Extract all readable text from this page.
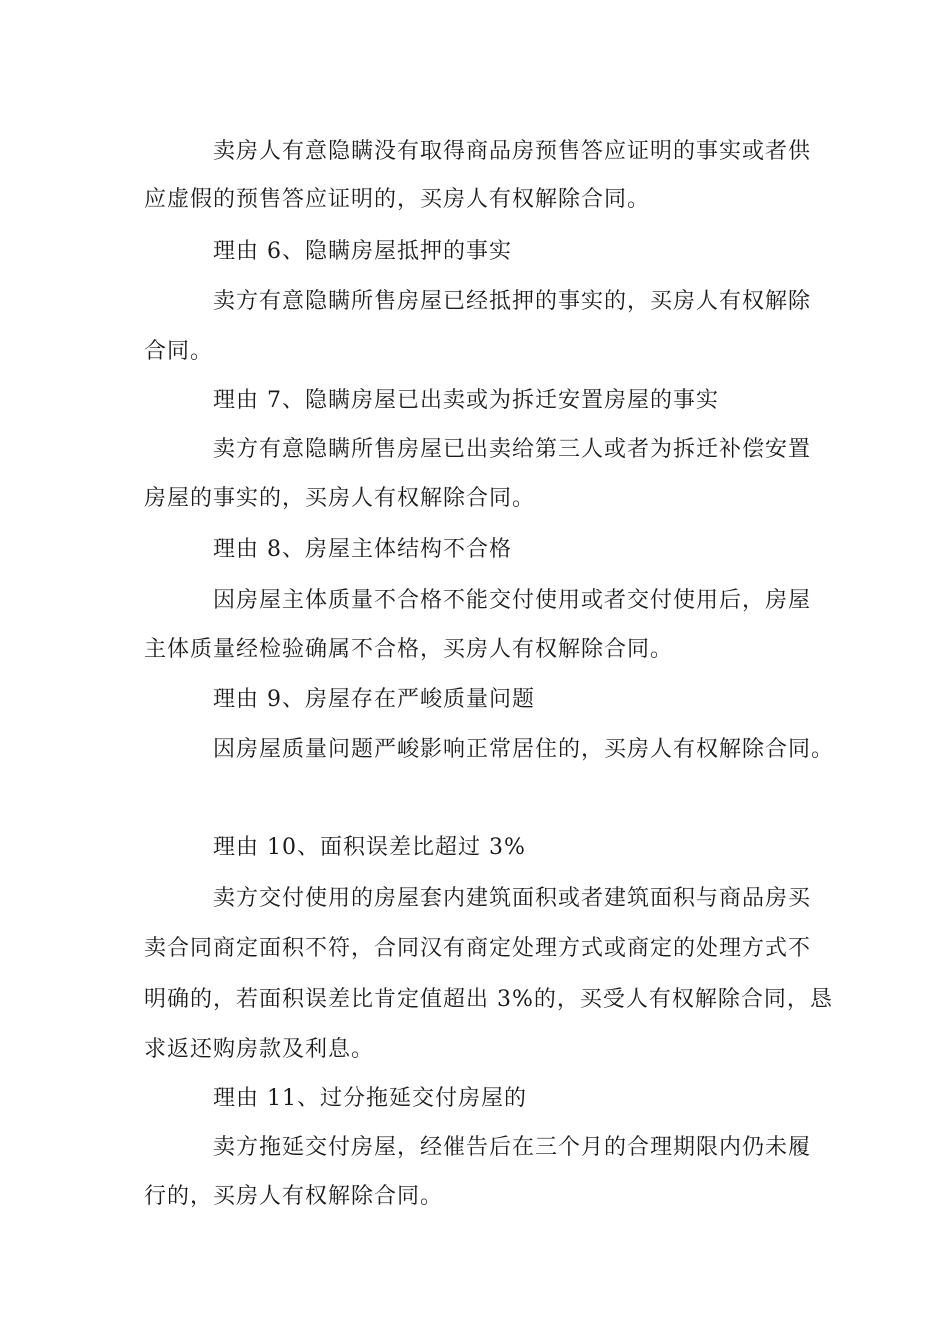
卖房人有意隐瞒没有取得商品房预售答应证明的事实或者供

应虚假的预售答应证明的，买房人有权解除合同。

理由 6、隐瞒房屋抵押的事实

卖方有意隐瞒所售房屋已经抵押的事实的，买房人有权解除

合同。

理由 7、隐瞒房屋已出卖或为拆迁安置房屋的事实

卖方有意隐瞒所售房屋已出卖给第三人或者为拆迁补偿安置

房屋的事实的，买房人有权解除合同。

理由 8、房屋主体结构不合格

因房屋主体质量不合格不能交付使用或者交付使用后，房屋

主体质量经检验确属不合格，买房人有权解除合同。

理由 9、房屋存在严峻质量问题

因房屋质量问题严峻影响正常居住的，买房人有权解除合同。

理由 10、面积误差比超过 3%

卖方交付使用的房屋套内建筑面积或者建筑面积与商品房买

卖合同商定面积不符，合同汉有商定处理方式或商定的处理方式不

明确的，若面积误差比肯定值超出 3%的，买受人有权解除合同，恳

求返还购房款及利息。

理由 11、过分拖延交付房屋的

卖方拖延交付房屋，经催告后在三个月的合理期限内仍未履

行的，买房人有权解除合同。
